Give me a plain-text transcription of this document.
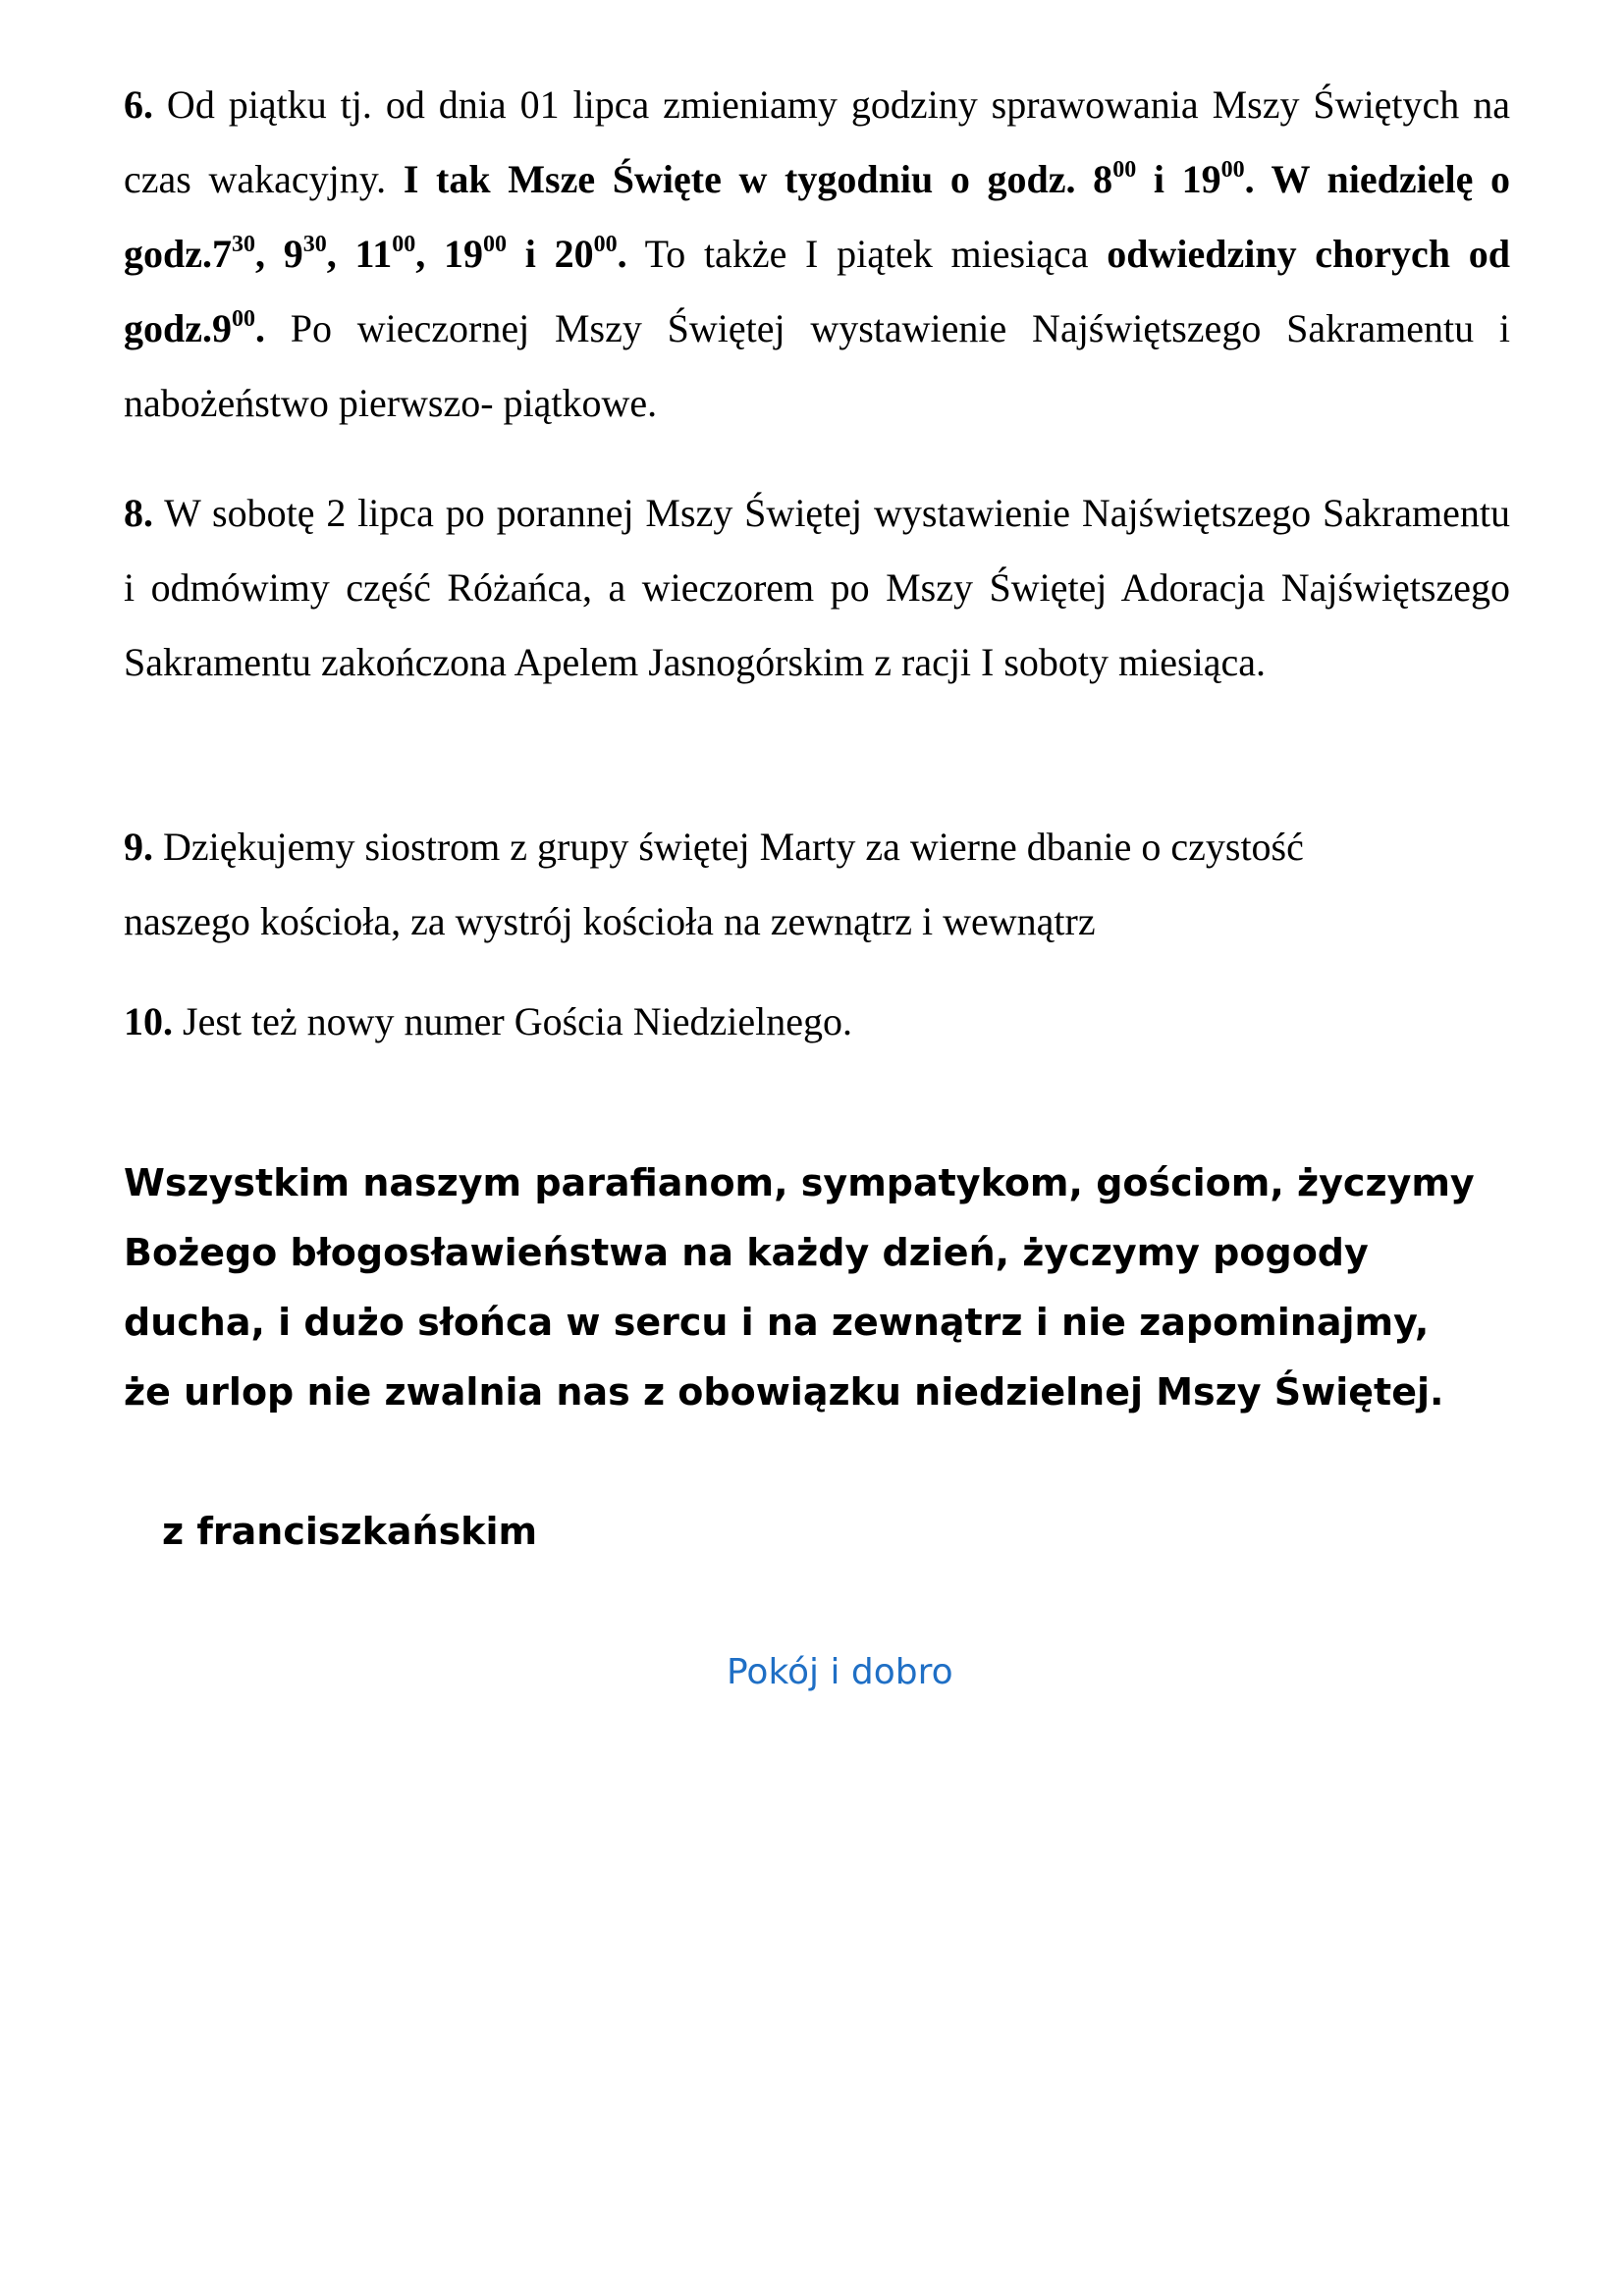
6. Od piątku tj. od dnia 01 lipca zmieniamy godziny sprawowania Mszy Świętych na czas wakacyjny. I tak Msze Święte w tygodniu o godz. $8^{00}$ i $19^{00}$. W niedzielę o $godz.7^{30}$, $9^{30}$, $11^{00}$, $19^{00}$ i $20^{00}$. To także I piątek miesiąca odwiedziny chorych od $godz.9^{00}$. Po wieczornej Mszy Świętej wystawienie Najświętszego Sakramentu i nabożeństwo pierwszo- piątkowe.
8. W sobotę 2 lipca po porannej Mszy Świętej wystawienie Najświętszego Sakramentu i odmówimy część Różańca, a wieczorem po Mszy Świętej Adoracja Najświętszego Sakramentu zakończona Apelem Jasnogórskim z racji I soboty miesiąca.
9. Dziękujemy siostrom z grupy świętej Marty za wierne dbanie o czystość
naszego kościoła, za wystrój kościoła na zewnątrz i wewnątrz
10. Jest też nowy numer Gościa Niedzielnego.
Wszystkim naszym parafianom, sympatykom, gościom, życzymy
Bożego błogosławieństwa na każdy dzień, życzymy pogody
ducha, i dużo słońca w sercu i na zewnątrz i nie zapominajmy,
że urlop nie zwalnia nas z obowiązku niedzielnej Mszy Świętej.
z franciszkańskim
Pokój i dobro
